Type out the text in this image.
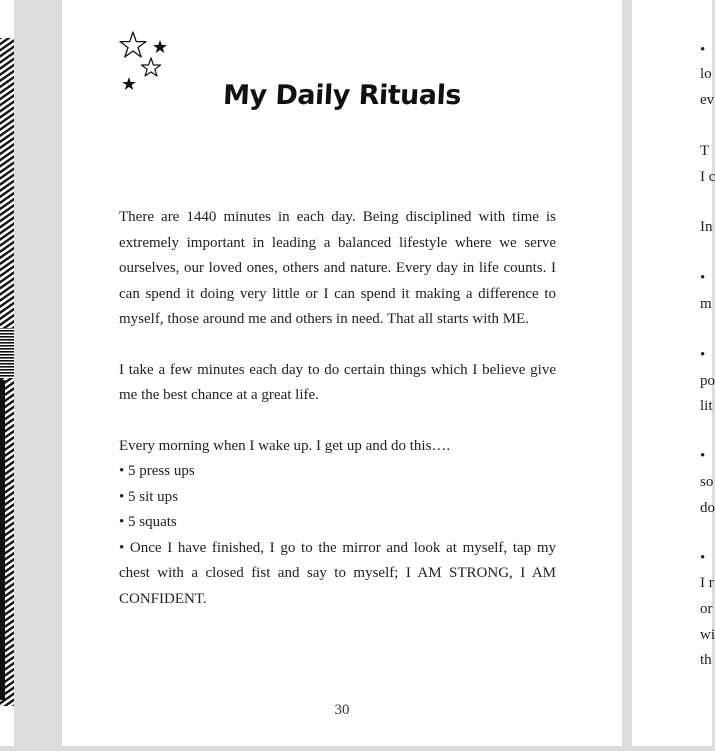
My Daily Rituals

There are 1440 minutes in each day. Being disciplined with time is extremely important in leading a balanced lifestyle where we serve ourselves, our loved ones, others and nature. Every day in life counts. I can spend it doing very little or I can spend it making a difference to myself, those around me and others in need. That all starts with ME.

I take a few minutes each day to do certain things which I believe give me the best chance at a great life.

Every morning when I wake up. I get up and do this….

• 5 press ups

• 5 sit ups

• 5 squats

• Once I have finished, I go to the mirror and look at myself, tap my chest with a closed fist and say to myself; I AM STRONG, I AM CONFIDENT.

30
•
lo
ev
T
I c
In
•
m
•
po
lit
•
so
do
•
I r
or
wi
th
